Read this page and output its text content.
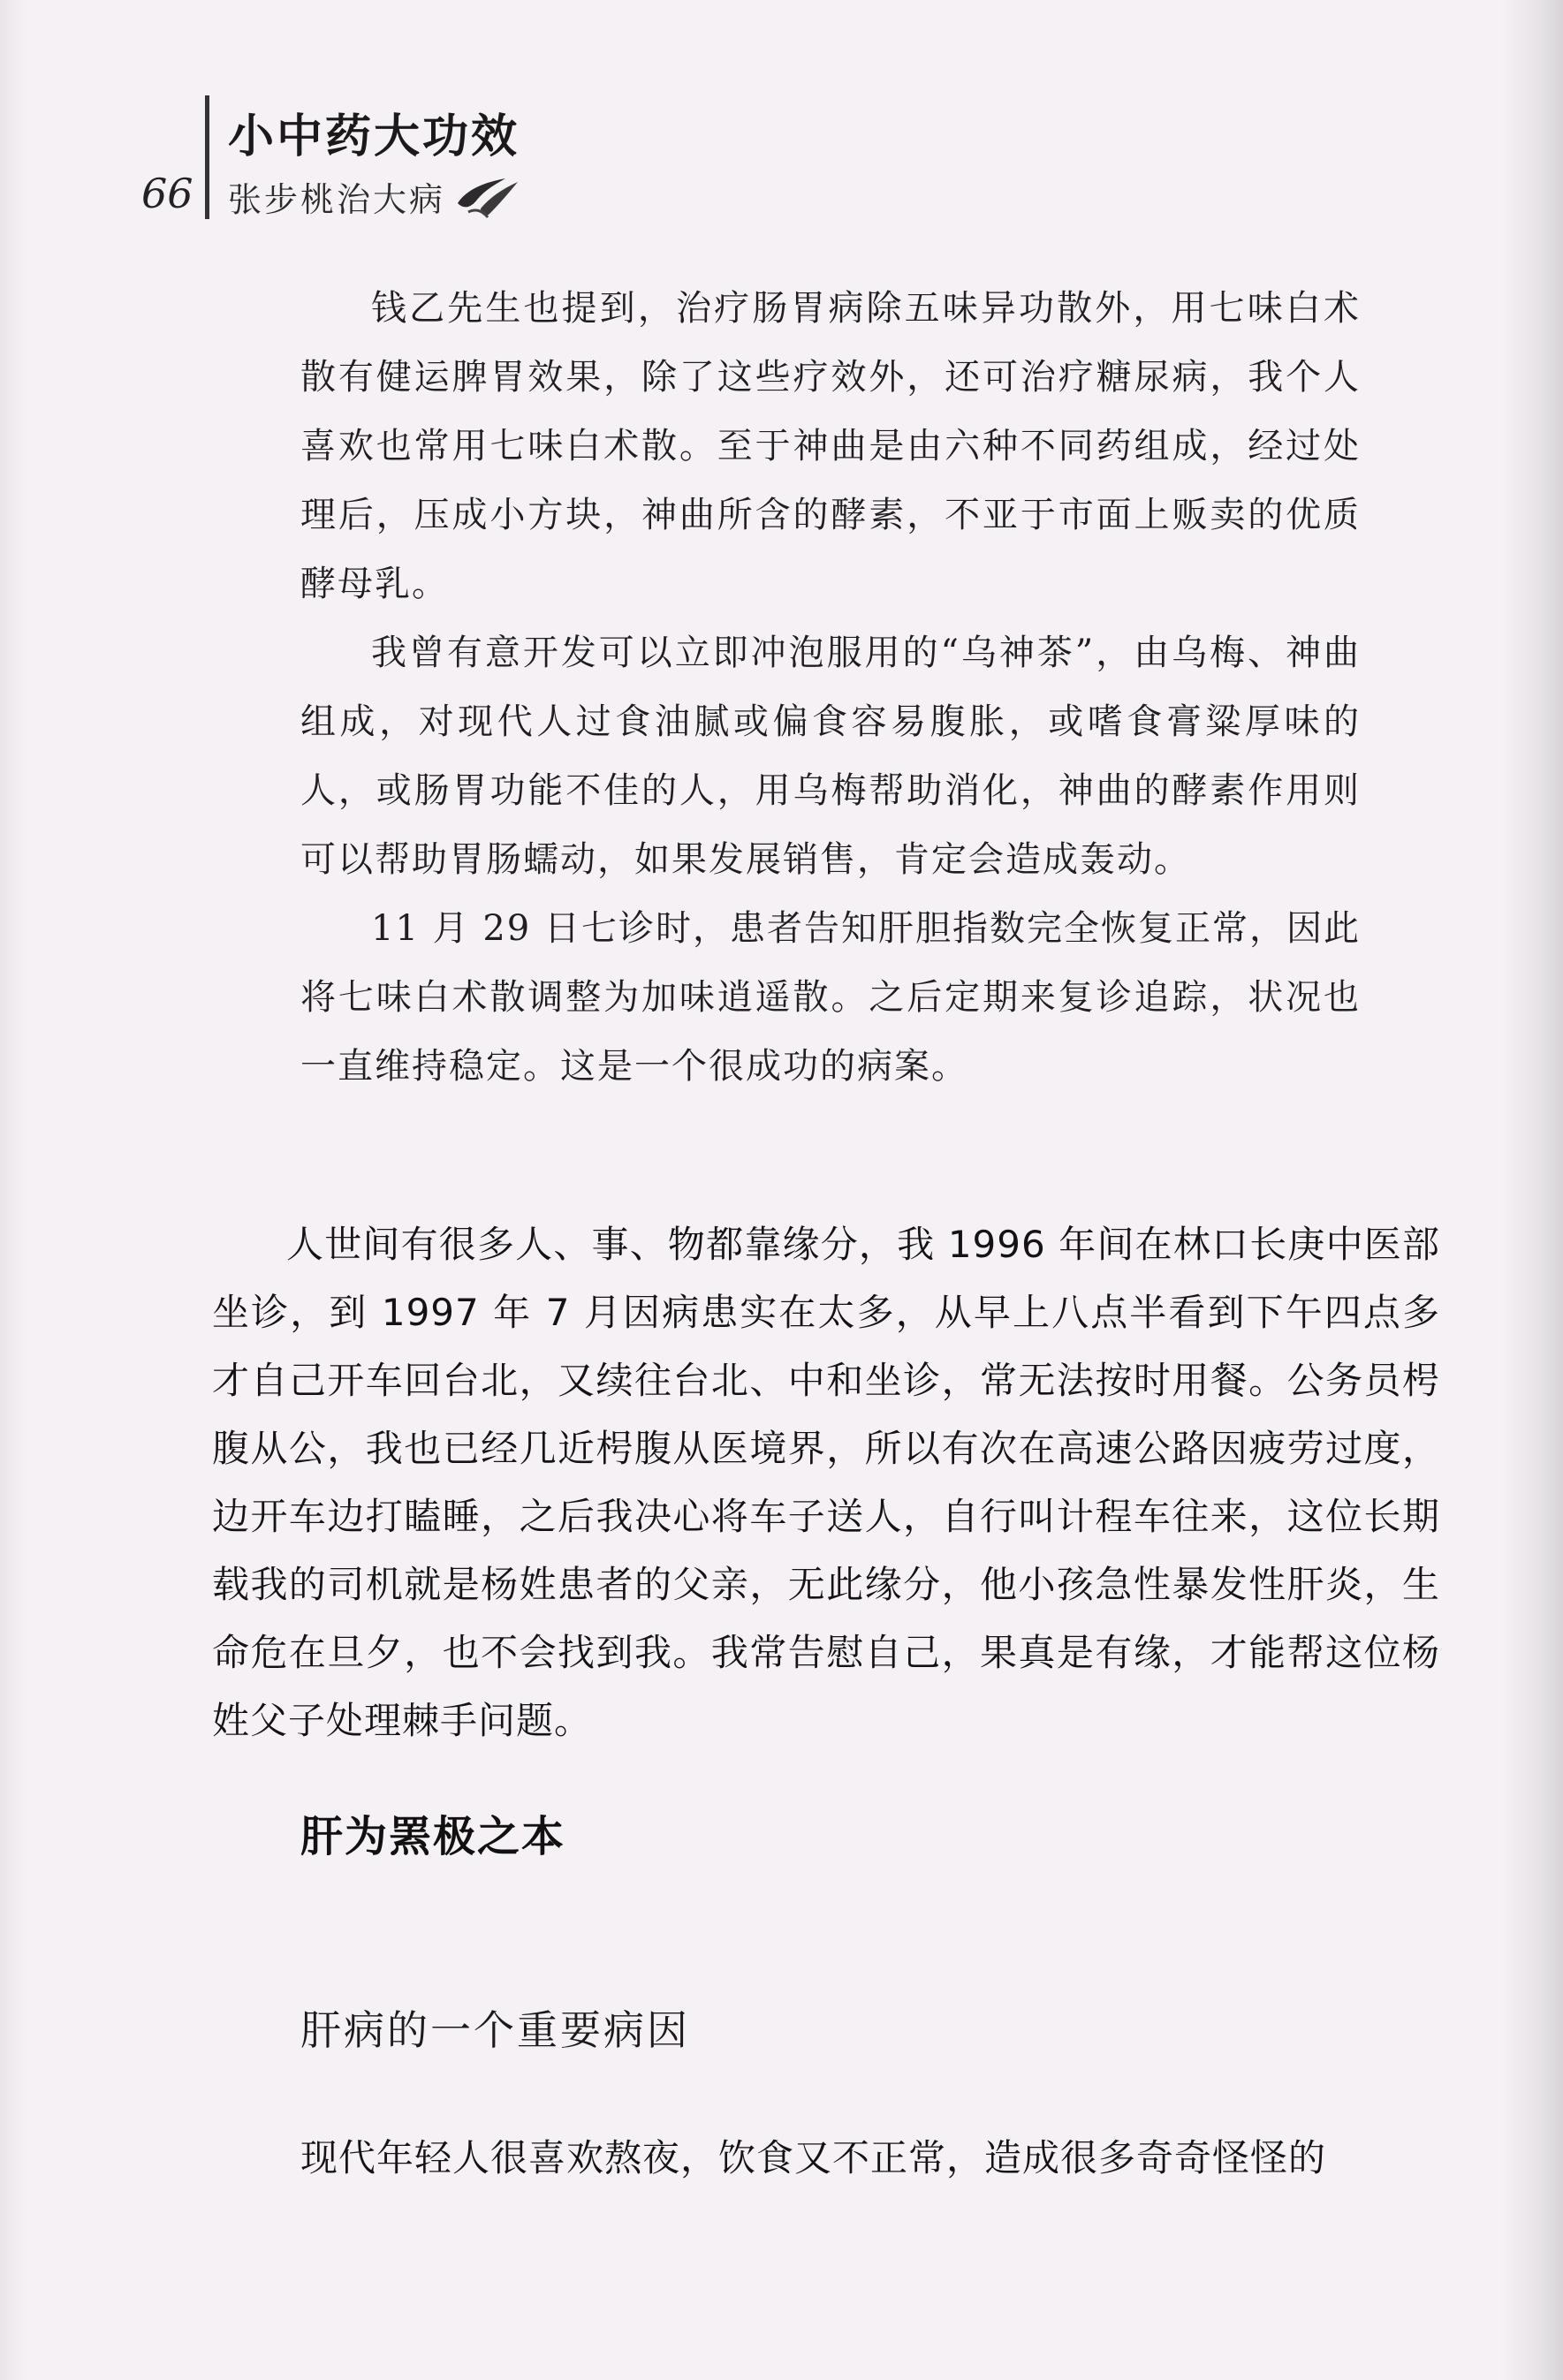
66
小中药大功效
张步桃治大病

钱乙先生也提到，治疗肠胃病除五味异功散外，用七味白术散有健运脾胃效果，除了这些疗效外，还可治疗糖尿病，我个人喜欢也常用七味白术散。至于神曲是由六种不同药组成，经过处理后，压成小方块，神曲所含的酵素，不亚于市面上贩卖的优质酵母乳。

我曾有意开发可以立即冲泡服用的“乌神茶”，由乌梅、神曲组成，对现代人过食油腻或偏食容易腹胀，或嗜食膏粱厚味的人，或肠胃功能不佳的人，用乌梅帮助消化，神曲的酵素作用则可以帮助胃肠蠕动，如果发展销售，肯定会造成轰动。

11 月 29 日七诊时，患者告知肝胆指数完全恢复正常，因此将七味白术散调整为加味逍遥散。之后定期来复诊追踪，状况也一直维持稳定。这是一个很成功的病案。

人世间有很多人、事、物都靠缘分，我 1996 年间在林口长庚中医部坐诊，到 1997 年 7 月因病患实在太多，从早上八点半看到下午四点多才自己开车回台北，又续往台北、中和坐诊，常无法按时用餐。公务员枵腹从公，我也已经几近枵腹从医境界，所以有次在高速公路因疲劳过度，边开车边打瞌睡，之后我决心将车子送人，自行叫计程车往来，这位长期载我的司机就是杨姓患者的父亲，无此缘分，他小孩急性暴发性肝炎，生命危在旦夕，也不会找到我。我常告慰自己，果真是有缘，才能帮这位杨姓父子处理棘手问题。

肝为罴极之本
肝病的一个重要病因

现代年轻人很喜欢熬夜，饮食又不正常，造成很多奇奇怪怪的
